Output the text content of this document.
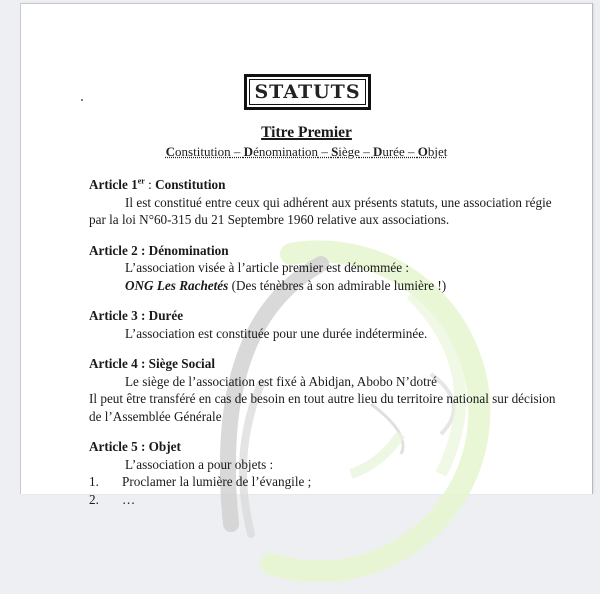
STATUTS
Titre Premier
Constitution – Dénomination – Siège – Durée – Objet
Article 1er : Constitution
Il est constitué entre ceux qui adhérent aux présents statuts, une association régie par la loi N°60-315 du 21 Septembre 1960 relative aux associations.
Article 2 : Dénomination
L’association visée à l’article premier est dénommée :
ONG Les Rachetés (Des ténèbres à son admirable lumière !)
Article 3 : Durée
L’association est constituée pour une durée indéterminée.
Article 4 : Siège Social
Le siège de l’association est fixé à Abidjan, Abobo N’dotré
Il peut être transféré en cas de besoin en tout autre lieu du territoire national sur décision de l’Assemblée Générale
Article 5 : Objet
L’association a pour objets :
1. Proclamer la lumière de l’évangile ;
2. …
